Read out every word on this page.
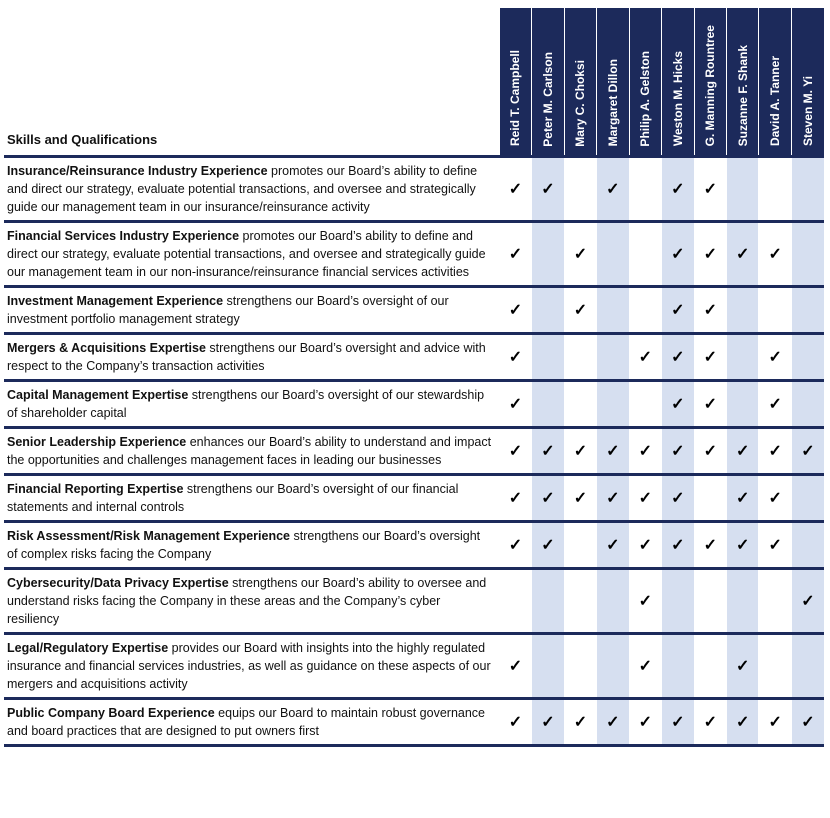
Skills and Qualifications	Reid T. Campbell	Peter M. Carlson	Mary C. Choksi	Margaret Dillon	Philip A. Gelston	Weston M. Hicks	G. Manning Rountree	Suzanne F. Shank	David A. Tanner	Steven M. Yi

Insurance/Reinsurance Industry Experience promotes our Board’s ability to define and direct our strategy, evaluate potential transactions, and oversee and strategically guide our management team in our insurance/reinsurance activity	✓	✓		✓		✓	✓			
Financial Services Industry Experience promotes our Board’s ability to define and direct our strategy, evaluate potential transactions, and oversee and strategically guide our management team in our non-insurance/reinsurance financial services activities	✓		✓			✓	✓	✓	✓	
Investment Management Experience strengthens our Board’s oversight of our investment portfolio management strategy	✓		✓			✓	✓			
Mergers & Acquisitions Expertise strengthens our Board’s oversight and advice with respect to the Company’s transaction activities	✓				✓	✓	✓		✓	
Capital Management Expertise strengthens our Board’s oversight of our stewardship of shareholder capital	✓					✓	✓		✓	
Senior Leadership Experience enhances our Board’s ability to understand and impact the opportunities and challenges management faces in leading our businesses	✓	✓	✓	✓	✓	✓	✓	✓	✓	✓
Financial Reporting Expertise strengthens our Board’s oversight of our financial statements and internal controls	✓	✓	✓	✓	✓	✓		✓	✓	
Risk Assessment/Risk Management Experience strengthens our Board’s oversight of complex risks facing the Company	✓	✓		✓	✓	✓	✓	✓	✓	
Cybersecurity/Data Privacy Expertise strengthens our Board’s ability to oversee and understand risks facing the Company in these areas and the Company’s cyber resiliency					✓					✓
Legal/Regulatory Expertise provides our Board with insights into the highly regulated insurance and financial services industries, as well as guidance on these aspects of our mergers and acquisitions activity	✓				✓			✓		
Public Company Board Experience equips our Board to maintain robust governance and board practices that are designed to put owners first	✓	✓	✓	✓	✓	✓	✓	✓	✓	✓
